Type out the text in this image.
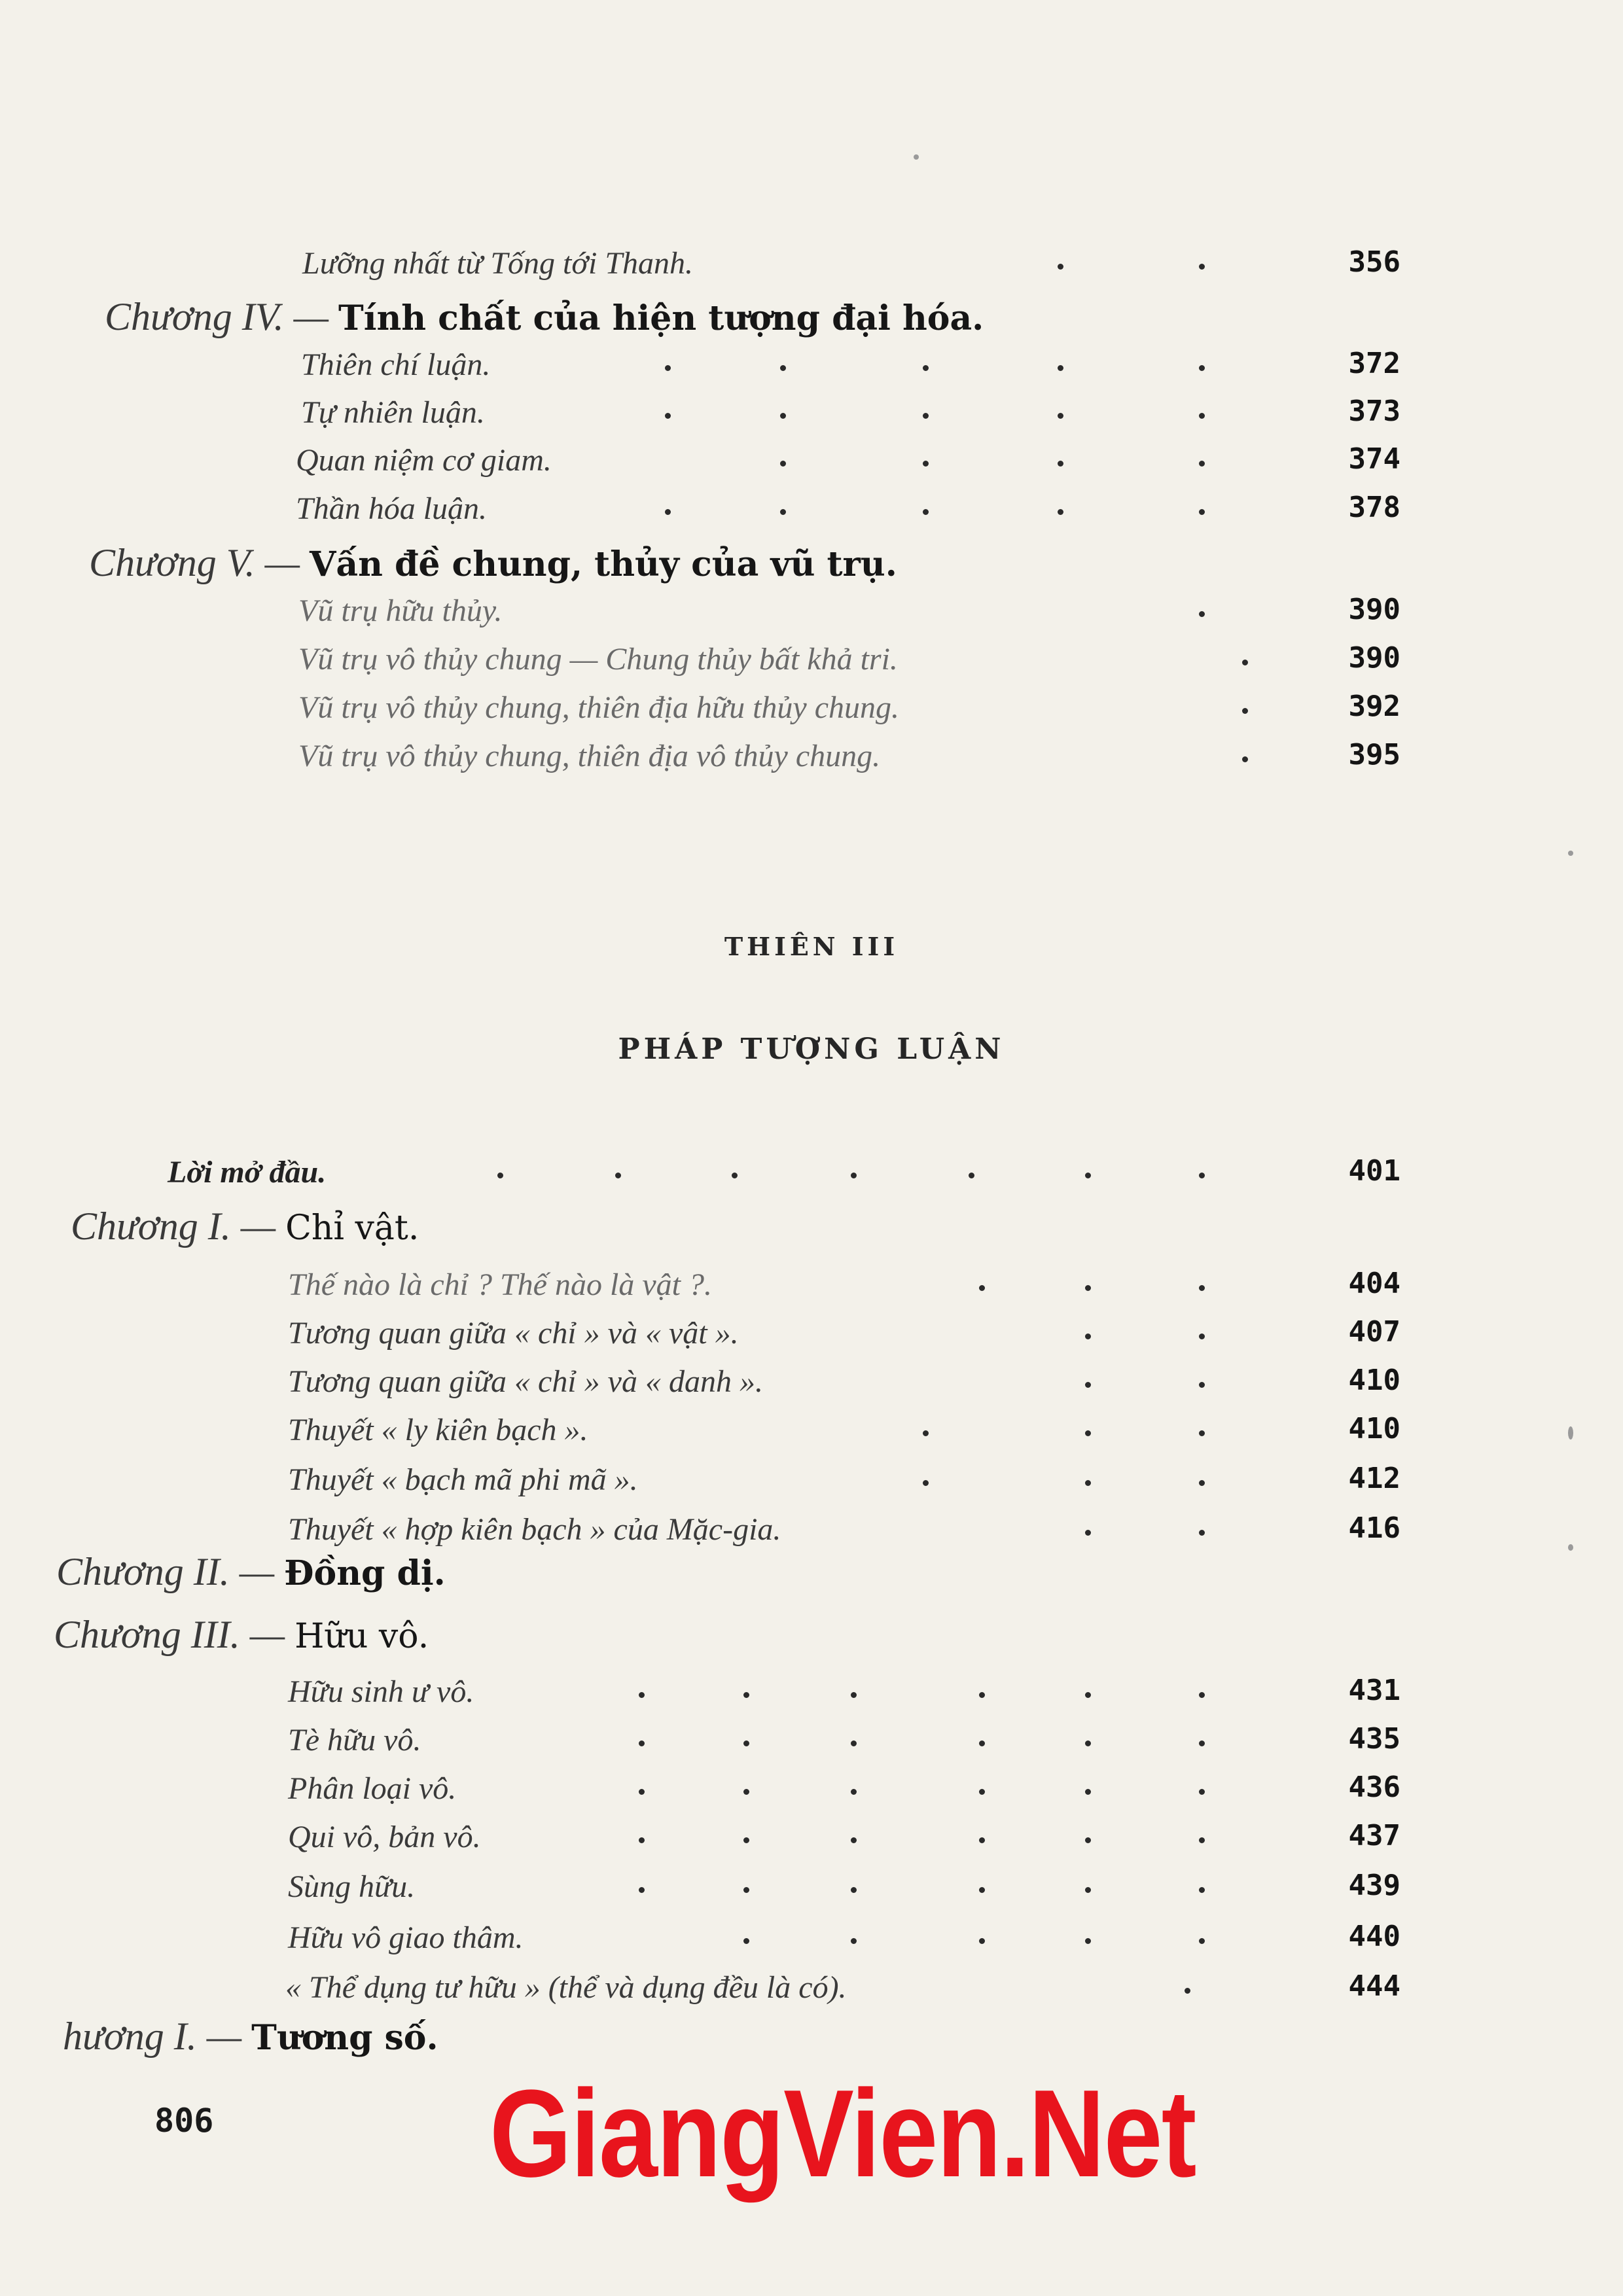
Lưỡng nhất từ Tống tới Thanh.	356
Chương IV. — Tính chất của hiện tượng đại hóa.
Thiên chí luận.	372
Tự nhiên luận.	373
Quan niệm cơ giam.	374
Thần hóa luận.	378
Chương V. — Vấn đề chung, thủy của vũ trụ.
Vũ trụ hữu thủy.	390
Vũ trụ vô thủy chung — Chung thủy bất khả tri.	390
Vũ trụ vô thủy chung, thiên địa hữu thủy chung.	392
Vũ trụ vô thủy chung, thiên địa vô thủy chung.	395
THIÊN III
PHÁP TƯỢNG LUẬN
Lời mở đầu.	401
Chương I. — Chỉ vật.
Thế nào là chỉ ? Thế nào là vật ?.	404
Tương quan giữa « chỉ » và « vật ».	407
Tương quan giữa « chỉ » và « danh ».	410
Thuyết « ly kiên bạch ».	410
Thuyết « bạch mã phi mã ».	412
Thuyết « hợp kiên bạch » của Mặc-gia.	416
Chương II. — Đồng dị.
Chương III. — Hữu vô.
Hữu sinh ư vô.	431
Tè hữu vô.	435
Phân loại vô.	436
Qui vô, bản vô.	437
Sùng hữu.	439
Hữu vô giao thâm.	440
« Thể dụng tư hữu » (thể và dụng đều là có).	444
hương I. — Tương số.
806 GiangVien.Net
